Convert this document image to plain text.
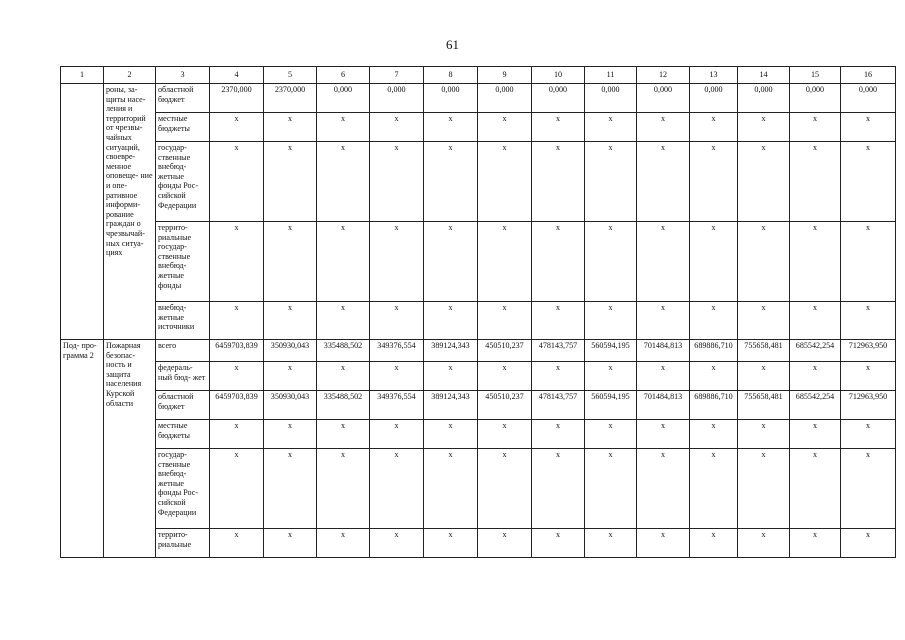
61
1	2	3	4	5	6	7	8	9	10	11	12	13	14	15	16
	роны, за- щиты насе- ления и территорий от чрезвы- чайных ситуаций, своевре- менное оповеще- ние и опе- ративное информи- рование граждан о чрезвычай- ных ситуа- циях	областной бюджет	2370,000	2370,000	0,000	0,000	0,000	0,000	0,000	0,000	0,000	0,000	0,000	0,000	0,000
		местные бюджеты	x	x	x	x	x	x	x	x	x	x	x	x	x
		государ- ственные внебюд- жетные фонды Рос- сийской Федерации	x	x	x	x	x	x	x	x	x	x	x	x	x
		террито- риальные государ- ственные внебюд- жетные фонды	x	x	x	x	x	x	x	x	x	x	x	x	x
		внебюд- жетные источники	x	x	x	x	x	x	x	x	x	x	x	x	x
Под- про- грамма 2	Пожарная безопас- ность и защита населения Курской области	всего	6459703,839	350930,043	335488,502	349376,554	389124,343	450510,237	478143,757	560594,195	701484,813	689886,710	755658,481	685542,254	712963,950
		федераль- ный бюд- жет	x	x	x	x	x	x	x	x	x	x	x	x	x
		областной бюджет	6459703,839	350930,043	335488,502	349376,554	389124,343	450510,237	478143,757	560594,195	701484,813	689886,710	755658,481	685542,254	712963,950
		местные бюджеты	x	x	x	x	x	x	x	x	x	x	x	x	x
		государ- ственные внебюд- жетные фонды Рос- сийской Федерации	x	x	x	x	x	x	x	x	x	x	x	x	x
		террито- риальные	x	x	x	x	x	x	x	x	x	x	x	x	x
